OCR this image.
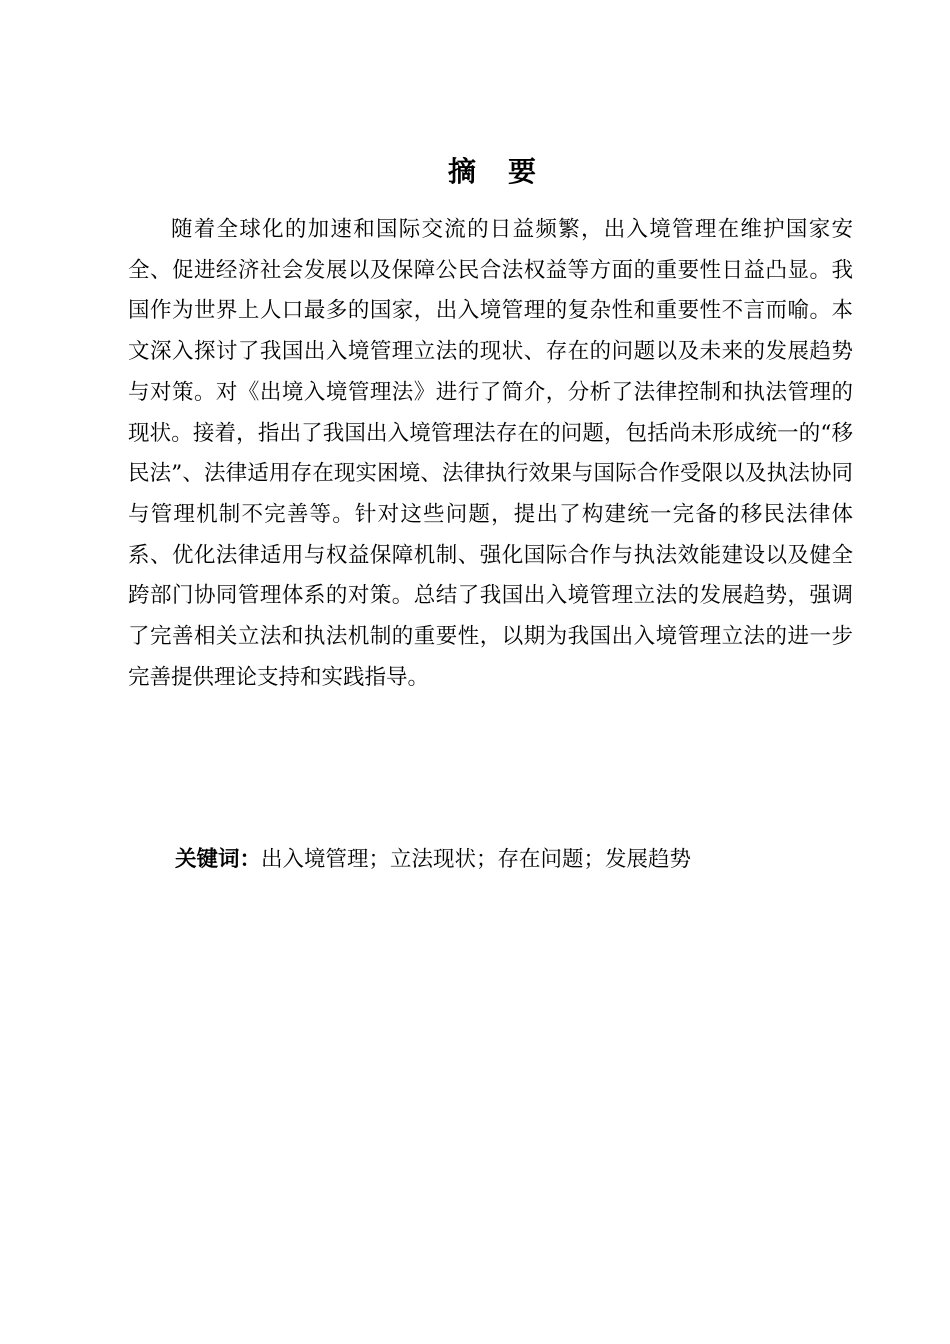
摘 要

随着全球化的加速和国际交流的日益频繁，出入境管理在维护国家安全、促进经济社会发展以及保障公民合法权益等方面的重要性日益凸显。我国作为世界上人口最多的国家，出入境管理的复杂性和重要性不言而喻。本文深入探讨了我国出入境管理立法的现状、存在的问题以及未来的发展趋势与对策。对《出境入境管理法》进行了简介，分析了法律控制和执法管理的现状。接着，指出了我国出入境管理法存在的问题，包括尚未形成统一的“移民法”、法律适用存在现实困境、法律执行效果与国际合作受限以及执法协同与管理机制不完善等。针对这些问题，提出了构建统一完备的移民法律体系、优化法律适用与权益保障机制、强化国际合作与执法效能建设以及健全跨部门协同管理体系的对策。总结了我国出入境管理立法的发展趋势，强调了完善相关立法和执法机制的重要性，以期为我国出入境管理立法的进一步完善提供理论支持和实践指导。

关键词：出入境管理；立法现状；存在问题；发展趋势
